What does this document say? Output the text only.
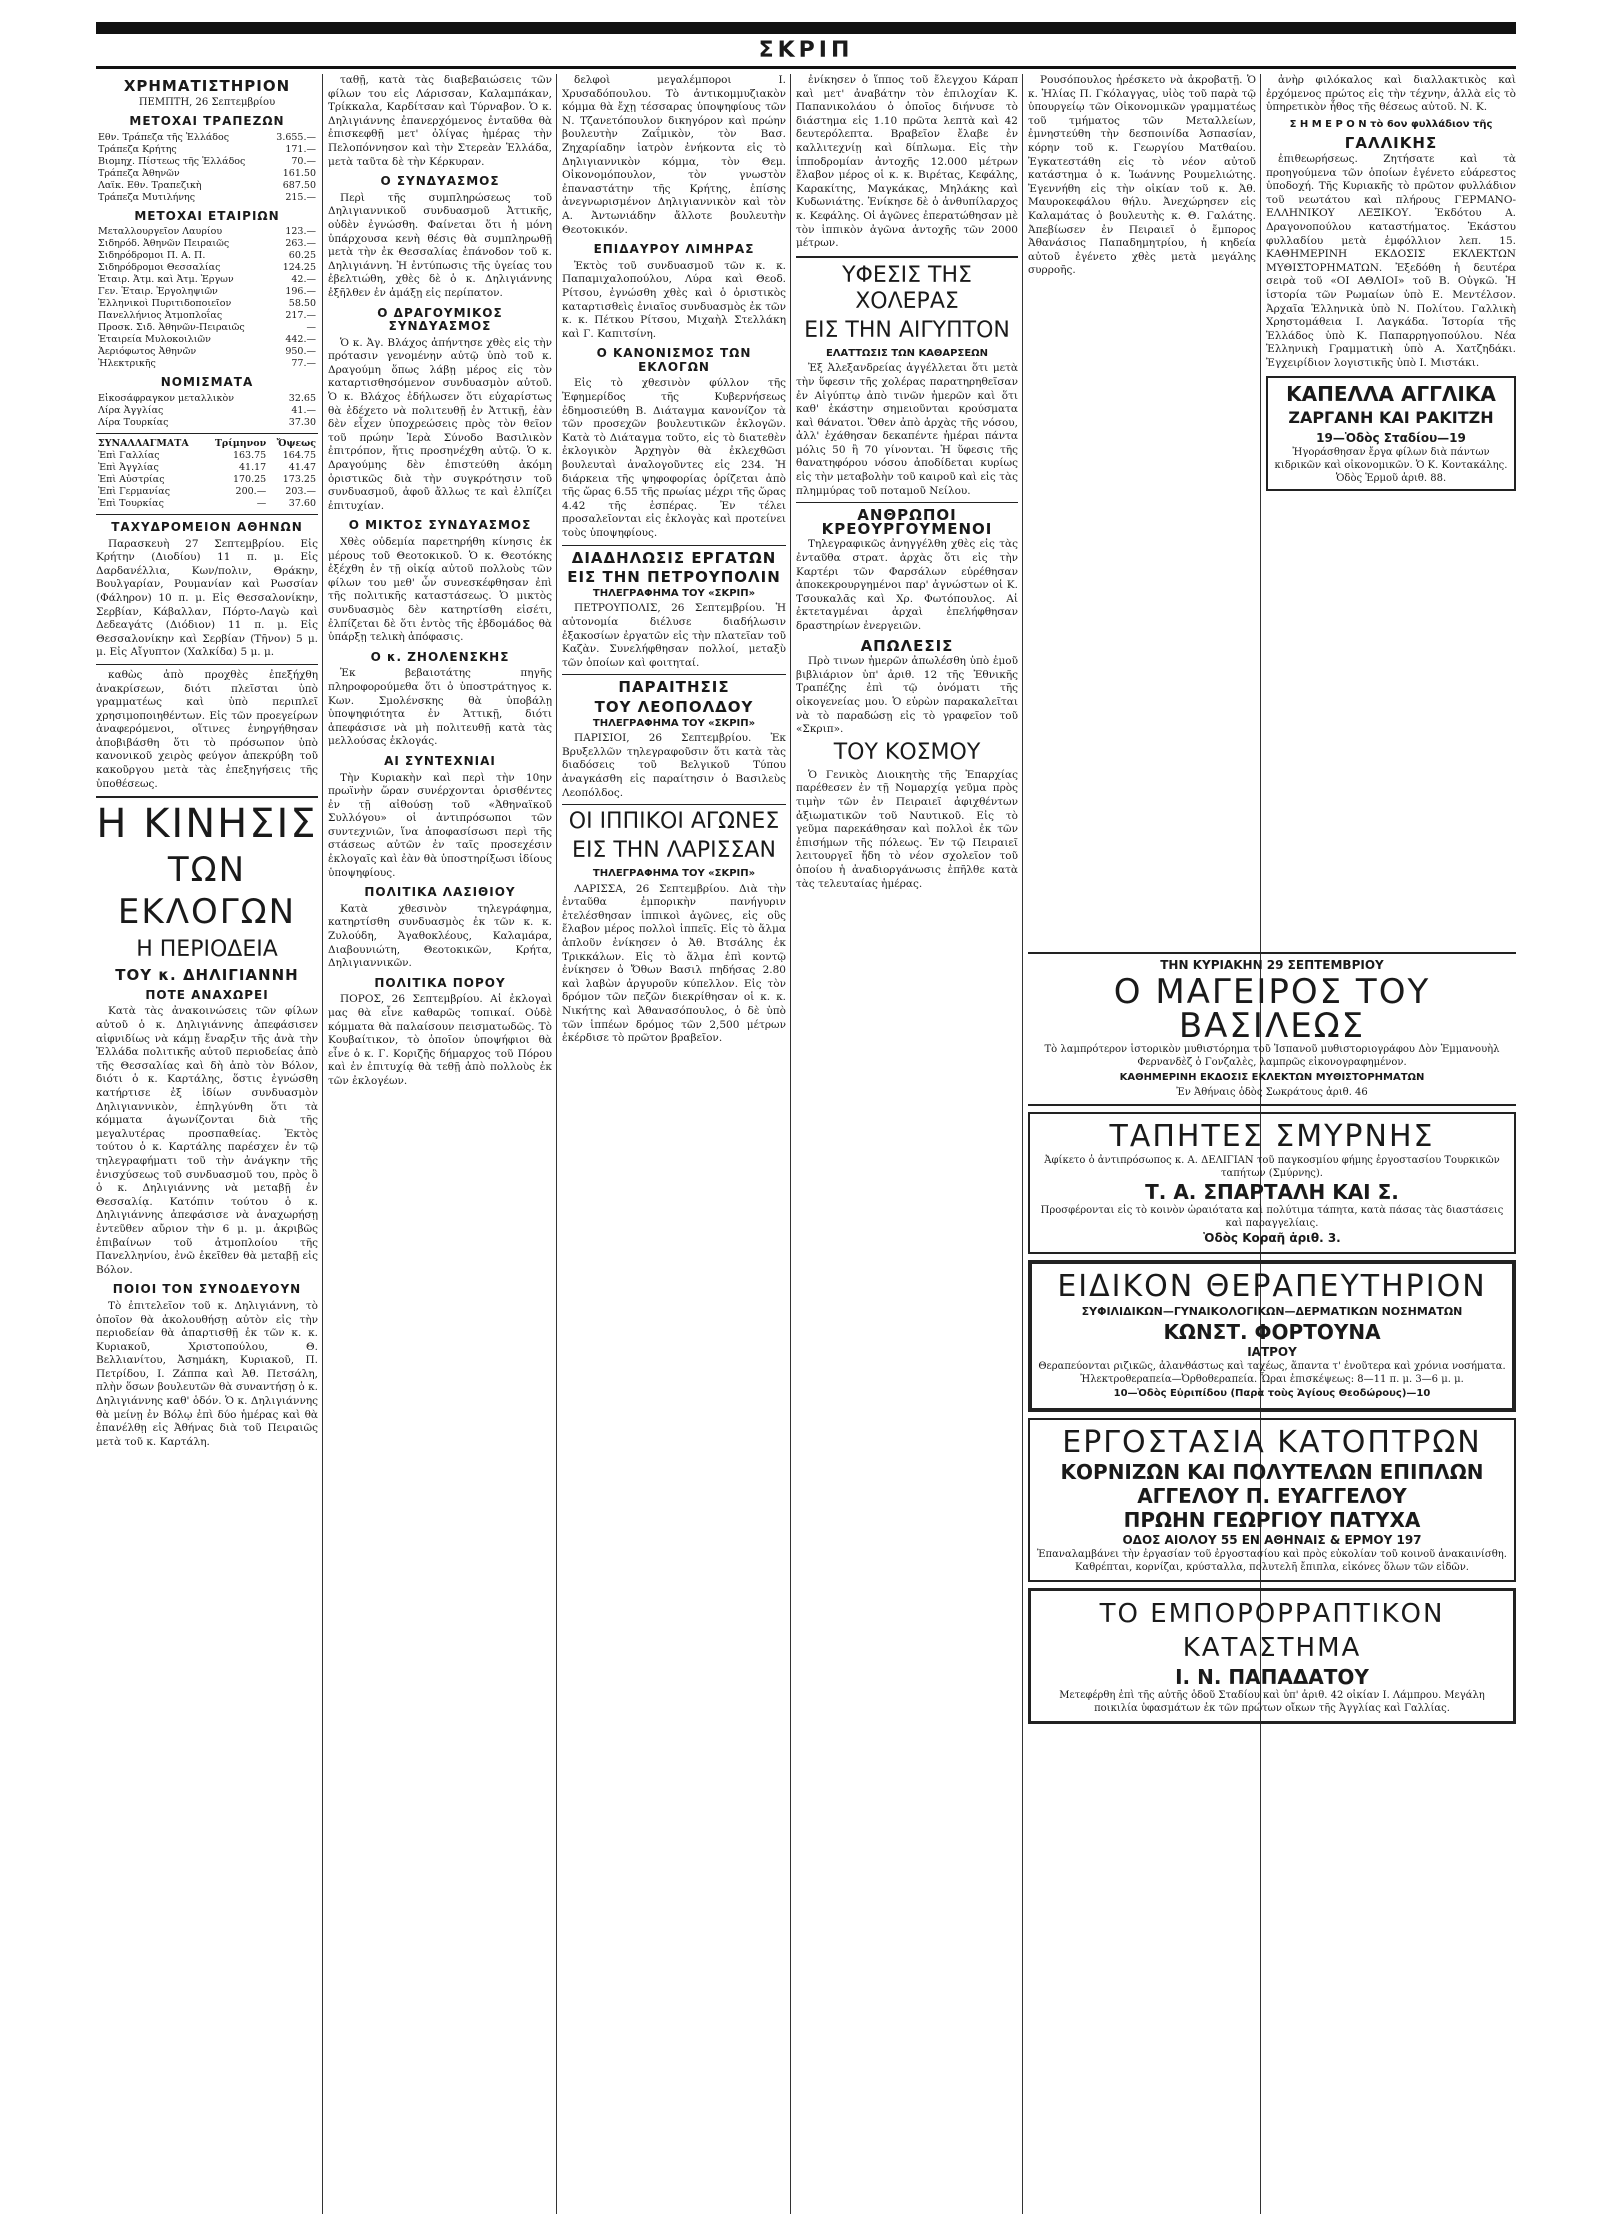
ΣΚΡΙΠ
ΧΡΗΜΑΤΙΣΤΗΡΙΟΝ
ΠΕΜΠΤΗ, 26 Σεπτεμβρίου
ΜΕΤΟΧΑΙ ΤΡΑΠΕΖΩΝ
Εθν. Τράπεζα τῆς Ἑλλάδος	3.655.—
Τράπεζα Κρήτης	171.—
Βιομηχ. Πίστεως τῆς Ἑλλάδος	70.—
Τράπεζα Ἀθηνῶν	161.50
Λαϊκ. Εθν. Τραπεζικὴ	687.50
Τράπεζα Μυτιλήνης	215.—
ΜΕΤΟΧΑΙ ΕΤΑΙΡΙΩΝ
Μεταλλουργεῖον Λαυρίου	123.—
Σιδηρόδ. Ἀθηνῶν Πειραιῶς	263.—
Σιδηρόδρομοι Π. Α. Π.	60.25
Σιδηρόδρομοι Θεσσαλίας	124.25
Ἑταιρ. Ἀτμ. καὶ Ἀτμ. Ἐργων	42.—
Γεν. Ἑταιρ. Ἐργοληψιῶν	196.—
Ἑλληνικοὶ Πυριτιδοποιεῖον	58.50
Πανελλήνιος Ἀτμοπλοΐας	217.—
Προσκ. Σιδ. Ἀθηνῶν-Πειραιῶς	—
Ἑταιρεία Μυλοκοιλιῶν	442.—
Ἀεριόφωτος Ἀθηνῶν	950.—
Ἠλεκτρικῆς	77.—
ΝΟΜΙΣΜΑΤΑ
Εἰκοσάφραγκον μεταλλικὸν	32.65
Λίρα Ἀγγλίας	41.—
Λίρα Τουρκίας	37.30
ΣΥΝΑΛΛΑΓΜΑΤΑ	Τρίμηνον	Ὄψεως
Ἐπὶ Γαλλίας	163.75	164.75
Ἐπὶ Ἀγγλίας	41.17	41.47
Ἐπὶ Αὐστρίας	170.25	173.25
Ἐπὶ Γερμανίας	200.—	203.—
Ἐπὶ Τουρκίας	—	37.60
ΤΑΧΥΔΡΟΜΕΙΟΝ ΑΘΗΝΩΝ

Παρασκευὴ 27 Σεπτεμβρίου. Εἰς Κρήτην (Διοδίου) 11 π. μ. Εἰς Δαρδανέλλια, Κων/πολιν, Θράκην, Βουλγαρίαν, Ρουμανίαν καὶ Ρωσσίαν (Φάληρον) 10 π. μ. Εἰς Θεσσαλονίκην, Σερβίαν, Κάβαλλαν, Πόρτο-Λαγὼ καὶ Δεδεαγάτς (Διόδιον) 11 π. μ. Εἰς Θεσσαλονίκην καὶ Σερβίαν (Τῆνον) 5 μ. μ. Εἰς Αἴγυπτον (Χαλκίδα) 5 μ. μ.

καθὼς ἀπὸ προχθὲς ἐπεξήχθη ἀνακρίσεων, διότι πλεῖσται ὑπὸ γραμματέως καὶ ὑπὸ περιπλεῖ χρησιμοποιηθέντων. Εἰς τῶν προεγείρων ἀναφερόμενοι, οἵτινες ἐνηργήθησαν ἀποβιβάσθη ὅτι τὸ πρόσωπον ὑπὸ κανονικοῦ χειρὸς φεύγον ἀπεκρύβη τοῦ κακοῦργου μετὰ τὰς ἐπεξηγήσεις τῆς ὑποθέσεως.

Η ΚΙΝΗΣΙΣ
ΤΩΝ ΕΚΛΟΓΩΝ
Η ΠΕΡΙΟΔΕΙΑ
ΤΟΥ κ. ΔΗΛΙΓΙΑΝΝΗ
ΠΟΤΕ ΑΝΑΧΩΡΕΙ

Κατὰ τὰς ἀνακοινώσεις τῶν φίλων αὐτοῦ ὁ κ. Δηλιγιάννης ἀπεφάσισεν αἰφνιδίως νὰ κάμῃ ἔναρξιν τῆς ἀνὰ τὴν Ἑλλάδα πολιτικῆς αὐτοῦ περιοδείας ἀπὸ τῆς Θεσσαλίας καὶ δὴ ἀπὸ τὸν Βόλον, διότι ὁ κ. Καρτάλης, ὅστις ἐγνώσθη κατήρτισε ἐξ ἰδίων συνδυασμὸν Δηλιγιαννικὸν, ἐπηλγύνθη ὅτι τὰ κόμματα ἀγωνίζονται διὰ τῆς μεγαλυτέρας προσπαθείας. Ἐκτὸς τούτου ὁ κ. Καρτάλης παρέσχεν ἐν τῷ τηλεγραφήματι τοῦ τὴν ἀνάγκην τῆς ἐνισχύσεως τοῦ συνδυασμοῦ του, πρὸς ὃ ὁ κ. Δηλιγιάννης νὰ μεταβῇ ἐν Θεσσαλίᾳ. Κατόπιν τούτου ὁ κ. Δηλιγιάννης ἀπεφάσισε νὰ ἀναχωρήσῃ ἐντεῦθεν αὔριον τὴν 6 μ. μ. ἀκριβῶς ἐπιβαίνων τοῦ ἀτμοπλοίου τῆς Πανελληνίου, ἐνῶ ἐκεῖθεν θὰ μεταβῇ εἰς Βόλον.

ΠΟΙΟΙ ΤΟΝ ΣΥΝΟΔΕΥΟΥΝ

Τὸ ἐπιτελεῖον τοῦ κ. Δηλιγιάννη, τὸ ὁποῖον θὰ ἀκολουθήσῃ αὐτὸν εἰς τὴν περιοδείαν θὰ ἀπαρτισθῇ ἐκ τῶν κ. κ. Κυριακοῦ, Χριστοπούλου, Θ. Βελλιανίτου, Ἀσημάκη, Κυριακοῦ, Π. Πετρίδου, Ι. Ζάππα καὶ Ἀθ. Πετσάλη, πλὴν ὅσων βουλευτῶν θὰ συναντήσῃ ὁ κ. Δηλιγιάννης καθ' ὁδόν. Ὁ κ. Δηλιγιάννης θὰ μείνῃ ἐν Βόλῳ ἐπὶ δύο ἡμέρας καὶ θὰ ἐπανέλθῃ εἰς Ἀθήνας διὰ τοῦ Πειραιῶς μετὰ τοῦ κ. Καρτάλη.

ταθῇ, κατὰ τὰς διαβεβαιώσεις τῶν φίλων του εἰς Λάρισσαν, Καλαμπάκαν, Τρίκκαλα, Καρδίτσαν καὶ Τύρναβον. Ὁ κ. Δηλιγιάννης ἐπανερχόμενος ἐνταῦθα θὰ ἐπισκεφθῇ μετ' ὀλίγας ἡμέρας τὴν Πελοπόννησον καὶ τὴν Στερεὰν Ἑλλάδα, μετὰ ταῦτα δὲ τὴν Κέρκυραν.

Ο ΣΥΝΔΥΑΣΜΟΣ

Περὶ τῆς συμπληρώσεως τοῦ Δηλιγιαννικοῦ συνδυασμοῦ Ἀττικῆς, οὐδὲν ἐγνώσθη. Φαίνεται ὅτι ἡ μόνη ὑπάρχουσα κενὴ θέσις θὰ συμπληρωθῇ μετὰ τὴν ἐκ Θεσσαλίας ἐπάνοδον τοῦ κ. Δηλιγιάννη. Ἡ ἐντύπωσις τῆς ὑγείας του ἐβελτιώθη, χθὲς δὲ ὁ κ. Δηλιγιάννης ἐξῆλθεν ἐν ἁμάξῃ εἰς περίπατον.

Ο ΔΡΑΓΟΥΜΙΚΟΣ ΣΥΝΔΥΑΣΜΟΣ

Ὁ κ. Ἀγ. Βλάχος ἀπήντησε χθὲς εἰς τὴν πρότασιν γενομένην αὐτῷ ὑπὸ τοῦ κ. Δραγούμη ὅπως λάβῃ μέρος εἰς τὸν καταρτισθησόμενον συνδυασμὸν αὐτοῦ. Ὁ κ. Βλάχος ἐδήλωσεν ὅτι εὐχαρίστως θὰ ἐδέχετο νὰ πολιτευθῇ ἐν Ἀττικῇ, ἐὰν δὲν εἶχεν ὑποχρεώσεις πρὸς τὸν θεῖον τοῦ πρώην Ἱερὰ Σύνοδο Βασιλικὸν ἐπιτρόπον, ἥτις προσηνέχθη αὐτῷ. Ὁ κ. Δραγούμης δὲν ἐπιστεύθη ἀκόμη ὁριστικῶς διὰ τὴν συγκρότησιν τοῦ συνδυασμοῦ, ἀφοῦ ἄλλως τε καὶ ἐλπίζει ἐπιτυχίαν.

Ο ΜΙΚΤΟΣ ΣΥΝΔΥΑΣΜΟΣ

Χθὲς οὐδεμία παρετηρήθη κίνησις ἐκ μέρους τοῦ Θεοτοκικοῦ. Ὁ κ. Θεοτόκης ἐξέχθη ἐν τῇ οἰκίᾳ αὐτοῦ πολλοὺς τῶν φίλων του μεθ' ὧν συνεσκέφθησαν ἐπὶ τῆς πολιτικῆς καταστάσεως. Ὁ μικτὸς συνδυασμὸς δὲν κατηρτίσθη εἰσέτι, ἐλπίζεται δὲ ὅτι ἐντὸς τῆς ἑβδομάδος θὰ ὑπάρξῃ τελικὴ ἀπόφασις.

Ο κ. ΖΗΟΛΕΝΣΚΗΣ

Ἐκ βεβαιοτάτης πηγῆς πληροφορούμεθα ὅτι ὁ ὑποστράτηγος κ. Κων. Σμολένσκης θὰ ὑποβάλῃ ὑποψηφιότητα ἐν Ἀττικῇ, διότι ἀπεφάσισε νὰ μὴ πολιτευθῇ κατὰ τὰς μελλούσας ἐκλογάς.

ΑΙ ΣΥΝΤΕΧΝΙΑΙ

Τὴν Κυριακὴν καὶ περὶ τὴν 10ην πρωϊνὴν ὥραν συνέρχονται ὁρισθέντες ἐν τῇ αἰθούσῃ τοῦ «Ἀθηναϊκοῦ Συλλόγου» οἱ ἀντιπρόσωποι τῶν συντεχνιῶν, ἵνα ἀποφασίσωσι περὶ τῆς στάσεως αὐτῶν ἐν ταῖς προσεχέσιν ἐκλογαῖς καὶ ἐὰν θὰ ὑποστηρίξωσι ἰδίους ὑποψηφίους.

ΠΟΛΙΤΙΚΑ ΛΑΣΙΘΙΟΥ

Κατὰ χθεσινὸν τηλεγράφημα, κατηρτίσθη συνδυασμὸς ἐκ τῶν κ. κ. Ζυλούδη, Ἀγαθοκλέους, Καλαμάρα, Διαβουνιώτη, Θεοτοκικῶν, Κρήτα, Δηλιγιαννικῶν.

ΠΟΛΙΤΙΚΑ ΠΟΡΟΥ

ΠΟΡΟΣ, 26 Σεπτεμβρίου. Αἱ ἐκλογαὶ μας θὰ εἶνε καθαρῶς τοπικαί. Οὐδὲ κόμματα θὰ παλαίσουν πεισματωδῶς. Τὸ Κουβαίτικον, τὸ ὁποῖον ὑποψήφιοι θὰ εἶνε ὁ κ. Γ. Κοριζῆς δήμαρχος τοῦ Πόρου καὶ ἐν ἐπιτυχίᾳ θὰ τεθῇ ἀπὸ πολλοὺς ἐκ τῶν ἐκλογέων.

δελφοὶ μεγαλέμποροι Ι. Χρυσαδόπουλου. Τὸ ἀντικομμυζιακὸν κόμμα θὰ ἔχῃ τέσσαρας ὑποψηφίους τῶν Ν. Τζανετόπουλον δικηγόρον καὶ πρώην βουλευτὴν Ζαΐμικὸν, τὸν Βασ. Ζηχαρίαδην ἰατρὸν ἐνήκοντα εἰς τὸ Δηλιγιαννικὸν κόμμα, τὸν Θεμ. Οἰκονομόπουλον, τὸν γνωστὸν ἐπαναστάτην τῆς Κρήτης, ἐπίσης ἀνεγνωρισμένον Δηλιγιαννικὸν καὶ τὸν Α. Ἀντωνιάδην ἄλλοτε βουλευτὴν Θεοτοκικόν.

ΕΠΙΔΑΥΡΟΥ ΛΙΜΗΡΑΣ

Ἐκτὸς τοῦ συνδυασμοῦ τῶν κ. κ. Παπαμιχαλοπούλου, Λύρα καὶ Θεοδ. Ρίτσου, ἐγνώσθη χθὲς καὶ ὁ ὁριστικὸς καταρτισθεὶς ἐνιαῖος συνδυασμὸς ἐκ τῶν κ. κ. Πέτκου Ρίτσου, Μιχαὴλ Στελλάκη καὶ Γ. Καπιτσίνη.

Ο ΚΑΝΟΝΙΣΜΟΣ ΤΩΝ ΕΚΛΟΓΩΝ

Εἰς τὸ χθεσινὸν φύλλον τῆς Ἐφημερίδος τῆς Κυβερνήσεως ἐδημοσιεύθη Β. Διάταγμα κανονίζον τὰ τῶν προσεχῶν βουλευτικῶν ἐκλογῶν. Κατὰ τὸ Διάταγμα τοῦτο, εἰς τὸ διατεθὲν ἐκλογικὸν Ἀρχηγὸν θὰ ἐκλεχθῶσι βουλευταὶ ἀναλογοῦντες εἰς 234. Ἡ διάρκεια τῆς ψηφοφορίας ὁρίζεται ἀπὸ τῆς ὥρας 6.55 τῆς πρωίας μέχρι τῆς ὥρας 4.42 τῆς ἑσπέρας. Ἐν τέλει προσαλεῖονται εἰς ἐκλογὰς καὶ προτείνει τοὺς ὑποψηφίους.

ΔΙΑΔΗΛΩΣΙΣ ΕΡΓΑΤΩΝ
ΕΙΣ ΤΗΝ ΠΕΤΡΟΥΠΟΛΙΝ
ΤΗΛΕΓΡΑΦΗΜΑ ΤΟΥ «ΣΚΡΙΠ»

ΠΕΤΡΟΥΠΟΛΙΣ, 26 Σεπτεμβρίου. Ἡ αὐτονομία διέλυσε διαδήλωσιν ἐξακοσίων ἐργατῶν εἰς τὴν πλατεῖαν τοῦ Καζὰν. Συνελήφθησαν πολλοί, μεταξὺ τῶν ὁποίων καὶ φοιτηταί.

ΠΑΡΑΙΤΗΣΙΣ
ΤΟΥ ΛΕΟΠΟΛΔΟΥ
ΤΗΛΕΓΡΑΦΗΜΑ ΤΟΥ «ΣΚΡΙΠ»

ΠΑΡΙΣΙΟΙ, 26 Σεπτεμβρίου. Ἐκ Βρυξελλῶν τηλεγραφοῦσιν ὅτι κατὰ τὰς διαδόσεις τοῦ Βελγικοῦ Τύπου ἀναγκάσθη εἰς παραίτησιν ὁ Βασιλεὺς Λεοπόλδος.

ΟΙ ΙΠΠΙΚΟΙ ΑΓΩΝΕΣ
ΕΙΣ ΤΗΝ ΛΑΡΙΣΣΑΝ
ΤΗΛΕΓΡΑΦΗΜΑ ΤΟΥ «ΣΚΡΙΠ»

ΛΑΡΙΣΣΑ, 26 Σεπτεμβρίου. Διὰ τὴν ἐνταῦθα ἐμπορικὴν πανήγυριν ἐτελέσθησαν ἱππικοὶ ἀγῶνες, εἰς οὓς ἔλαβον μέρος πολλοὶ ἱππεῖς. Εἰς τὸ ἅλμα ἀπλοῦν ἐνίκησεν ὁ Ἀθ. Βτσάλης ἐκ Τρικκάλων. Εἰς τὸ ἅλμα ἐπὶ κοντῷ ἐνίκησεν ὁ Ὄθων Βασιλ πηδήσας 2.80 καὶ λαβὼν ἀργυροῦν κύπελλον. Εἰς τὸν δρόμον τῶν πεζῶν διεκρίθησαν οἱ κ. κ. Νικήτης καὶ Ἀθανασόπουλος, ὁ δὲ ὑπὸ τῶν ἱππέων δρόμος τῶν 2,500 μέτρων ἐκέρδισε τὸ πρῶτον βραβεῖον.

ἐνίκησεν ὁ ἵππος τοῦ ἔλεγχου Κάραπ καὶ μετ' ἀναβάτην τὸν ἐπιλοχίαν Κ. Παπανικολάου ὁ ὁποῖος διήνυσε τὸ διάστημα εἰς 1.10 πρῶτα λεπτὰ καὶ 42 δευτερόλεπτα. Βραβεῖον ἔλαβε ἐν καλλιτεχνίῃ καὶ δίπλωμα. Εἰς τὴν ἱπποδρομίαν ἀντοχῆς 12.000 μέτρων ἔλαβον μέρος οἱ κ. κ. Βιρέτας, Κεφάλης, Καρακίτης, Μαγκάκας, Μηλάκης καὶ Κυδωνιάτης. Ἐνίκησε δὲ ὁ ἀνθυπίλαρχος κ. Κεφάλης. Οἱ ἀγῶνες ἐπερατώθησαν μὲ τὸν ἱππικὸν ἀγῶνα ἀντοχῆς τῶν 2000 μέτρων.

ΥΦΕΣΙΣ ΤΗΣ ΧΟΛΕΡΑΣ
ΕΙΣ ΤΗΝ ΑΙΓΥΠΤΟΝ
ΕΛΑΤΤΩΣΙΣ ΤΩΝ ΚΑΘΑΡΣΕΩΝ

Ἐξ Ἀλεξανδρείας ἀγγέλλεται ὅτι μετὰ τὴν ὕφεσιν τῆς χολέρας παρατηρηθεῖσαν ἐν Αἰγύπτῳ ἀπὸ τινῶν ἡμερῶν καὶ ὅτι καθ' ἑκάστην σημειοῦνται κρούσματα καὶ θάνατοι. Ὅθεν ἀπὸ ἀρχὰς τῆς νόσου, ἀλλ' ἐχάθησαν δεκαπέντε ἡμέραι πάντα μόλις 50 ἢ 70 γίνονται. Ἡ ὕφεσις τῆς θανατηφόρου νόσου ἀποδίδεται κυρίως εἰς τὴν μεταβολὴν τοῦ καιροῦ καὶ εἰς τὰς πλημμύρας τοῦ ποταμοῦ Νείλου.

ΑΝΘΡΩΠΟΙ ΚΡΕΟΥΡΓΟΥΜΕΝΟΙ

Τηλεγραφικῶς ἀνηγγέλθη χθὲς εἰς τὰς ἐνταῦθα στρατ. ἀρχὰς ὅτι εἰς τὴν Καρτέρι τῶν Φαρσάλων εὑρέθησαν ἀποκεκρουργημένοι παρ' ἀγνώστων οἱ Κ. Τσουκαλᾶς καὶ Χρ. Φωτόπουλος. Αἱ ἐκτεταγμέναι ἀρχαὶ ἐπελήφθησαν δραστηρίων ἐνεργειῶν.

ΑΠΩΛΕΣΙΣ

Πρὸ τινων ἡμερῶν ἀπωλέσθη ὑπὸ ἐμοῦ βιβλιάριον ὑπ' ἀριθ. 12 τῆς Ἐθνικῆς Τραπέζης ἐπὶ τῷ ὀνόματι τῆς οἰκογενείας μου. Ὁ εὑρὼν παρακαλεῖται νὰ τὸ παραδώσῃ εἰς τὸ γραφεῖον τοῦ «Σκριπ».

ΤΟΥ ΚΟΣΜΟΥ

Ὁ Γενικὸς Διοικητὴς τῆς Ἐπαρχίας παρέθεσεν ἐν τῇ Νομαρχίᾳ γεῦμα πρὸς τιμὴν τῶν ἐν Πειραιεῖ ἀφιχθέντων ἀξιωματικῶν τοῦ Ναυτικοῦ. Εἰς τὸ γεῦμα παρεκάθησαν καὶ πολλοὶ ἐκ τῶν ἐπισήμων τῆς πόλεως. Ἐν τῷ Πειραιεῖ λειτουργεῖ ἤδη τὸ νέον σχολεῖον τοῦ ὁποίου ἡ ἀναδιοργάνωσις ἐπῆλθε κατὰ τὰς τελευταίας ἡμέρας.

Ρουσόπουλος ἠρέσκετο νὰ ἀκροβατῇ. Ὁ κ. Ἠλίας Π. Γκόλαγγας, υἱὸς τοῦ παρὰ τῷ ὑπουργείῳ τῶν Οἰκονομικῶν γραμματέως τοῦ τμήματος τῶν Μεταλλείων, ἐμνηστεύθη τὴν δεσποινίδα Ἀσπασίαν, κόρην τοῦ κ. Γεωργίου Ματθαίου. Ἐγκατεστάθη εἰς τὸ νέον αὐτοῦ κατάστημα ὁ κ. Ἰωάννης Ρουμελιώτης. Ἐγεννήθη εἰς τὴν οἰκίαν τοῦ κ. Ἀθ. Μαυροκεφάλου θήλυ. Ἀνεχώρησεν εἰς Καλαμάτας ὁ βουλευτὴς κ. Θ. Γαλάτης. Ἀπεβίωσεν ἐν Πειραιεῖ ὁ ἔμπορος Ἀθανάσιος Παπαδημητρίου, ἡ κηδεία αὐτοῦ ἐγένετο χθὲς μετὰ μεγάλης συρροῆς.

ἀνὴρ φιλόκαλος καὶ διαλλακτικὸς καὶ ἐρχόμενος πρώτος εἰς τὴν τέχνην, ἀλλὰ εἰς τὸ ὑπηρετικὸν ἦθος τῆς θέσεως αὐτοῦ. Ν. Κ.

Σ Η Μ Ε Ρ Ο Ν τὸ 6ον φυλλάδιον τῆς
ΓΑΛΛΙΚΗΣ

ἐπιθεωρήσεως. Ζητήσατε καὶ τὰ προηγούμενα τῶν ὁποίων ἐγένετο εὐάρεστος ὑποδοχή. Τῆς Κυριακῆς τὸ πρῶτον φυλλάδιον τοῦ νεωτάτου καὶ πλήρους ΓΕΡΜΑΝΟ-ΕΛΛΗΝΙΚΟΥ ΛΕΞΙΚΟΥ. Ἐκδότου Α. Δραγονοπούλου καταστήματος. Ἐκάστου φυλλαδίου μετὰ ἐμφόλλιον λεπ. 15. ΚΑΘΗΜΕΡΙΝΗ ΕΚΔΟΣΙΣ ΕΚΛΕΚΤΩΝ ΜΥΘΙΣΤΟΡΗΜΑΤΩΝ. Ἐξεδόθη ἡ δευτέρα σειρὰ τοῦ «ΟΙ ΑΘΛΙΟΙ» τοῦ Β. Οὐγκῶ. Ἡ ἱστορία τῶν Ρωμαίων ὑπὸ Ε. Μεντέλσον. Ἀρχαῖα Ἑλληνικὰ ὑπὸ Ν. Πολίτου. Γαλλικὴ Χρηστομάθεια Ι. Λαγκάδα. Ἱστορία τῆς Ἑλλάδος ὑπὸ Κ. Παπαρρηγοπούλου. Νέα Ἑλληνικὴ Γραμματικὴ ὑπὸ Α. Χατζηδάκι. Ἐγχειρίδιον λογιστικῆς ὑπὸ Ι. Μιστάκι.

ΚΑΠΕΛΛΑ ΑΓΓΛΙΚΑ
ΖΑΡΓΑΝΗ ΚΑΙ ΡΑΚΙΤΖΗ
19—Ὁδὸς Σταδίου—19
Ἠγοράσθησαν ἔργα φίλων διὰ πάντων κιδρικῶν καὶ οἰκονομικῶν. Ὁ Κ. Κοντακάλης. Ὁδὸς Ἑρμοῦ ἀριθ. 88.
ΤΗΝ ΚΥΡΙΑΚΗΝ 29 ΣΕΠΤΕΜΒΡΙΟΥ
Ο ΜΑΓΕΙΡΟΣ ΤΟΥ ΒΑΣΙΛΕΩΣ
Τὸ λαμπρότερον ἱστορικὸν μυθιστόρημα τοῦ Ἱσπανοῦ μυθιστοριογράφου Δὸν Ἐμμανουὴλ Φερνανδὲζ ὁ Γονζαλὲς, λαμπρῶς εἰκονογραφημένον.
ΚΑΘΗΜΕΡΙΝΗ ΕΚΔΟΣΙΣ ΕΚΛΕΚΤΩΝ ΜΥΘΙΣΤΟΡΗΜΑΤΩΝ
Ἐν Ἀθήναις ὁδὸς Σωκράτους ἀριθ. 46
ΤΑΠΗΤΕΣ ΣΜΥΡΝΗΣ
Ἀφίκετο ὁ ἀντιπρόσωπος κ. Α. ΔΕΛΙΓΙΑΝ τοῦ παγκοσμίου φήμης ἐργοστασίου Τουρκικῶν ταπήτων (Σμύρνης).
Τ. Α. ΣΠΑΡΤΑΛΗ ΚΑΙ Σ.
Προσφέρονται εἰς τὸ κοινὸν ὡραιότατα καὶ πολύτιμα τάπητα, κατὰ πάσας τὰς διαστάσεις καὶ παραγγελίαις.
Ὁδὸς Κοραῆ ἀριθ. 3.
ΕΙΔΙΚΟΝ ΘΕΡΑΠΕΥΤΗΡΙΟΝ
ΣΥΦΙΛΙΔΙΚΩΝ—ΓΥΝΑΙΚΟΛΟΓΙΚΩΝ—ΔΕΡΜΑΤΙΚΩΝ ΝΟΣΗΜΑΤΩΝ
ΚΩΝΣΤ. ΦΟΡΤΟΥΝΑ
ΙΑΤΡΟΥ
Θεραπεύονται ριζικῶς, ἀλανθάστως καὶ ταχέως, ἅπαντα τ' ἐνοῦτερα καὶ χρόνια νοσήματα. Ἠλεκτροθεραπεία—Ὀρθοθεραπεία. Ὧραι ἐπισκέψεως: 8—11 π. μ. 3—6 μ. μ.
10—Ὁδὸς Εὐριπίδου (Παρὰ τοὺς Ἁγίους Θεοδώρους)—10
ΕΡΓΟΣΤΑΣΙΑ ΚΑΤΟΠΤΡΩΝ
ΚΟΡΝΙΖΩΝ ΚΑΙ ΠΟΛΥΤΕΛΩΝ ΕΠΙΠΛΩΝ
ΑΓΓΕΛΟΥ Π. ΕΥΑΓΓΕΛΟΥ
ΠΡΩΗΝ ΓΕΩΡΓΙΟΥ ΠΑΤΥΧΑ
ΟΔΟΣ ΑΙΟΛΟΥ 55 ΕΝ ΑΘΗΝΑΙΣ & ΕΡΜΟΥ 197
Ἐπαναλαμβάνει τὴν ἐργασίαν τοῦ ἐργοστασίου καὶ πρὸς εὐκολίαν τοῦ κοινοῦ ἀνακαινίσθη. Καθρέπται, κορνίζαι, κρύσταλλα, πολυτελῆ ἔπιπλα, εἰκόνες ὅλων τῶν εἰδῶν.
ΤΟ ΕΜΠΟΡΟΡΡΑΠΤΙΚΟΝ ΚΑΤΑΣΤΗΜΑ
Ι. Ν. ΠΑΠΑΔΑΤΟΥ
Μετεφέρθη ἐπὶ τῆς αὐτῆς ὁδοῦ Σταδίου καὶ ὑπ' ἀριθ. 42 οἰκίαν Ι. Λάμπρου. Μεγάλη ποικιλία ὑφασμάτων ἐκ τῶν πρώτων οἴκων τῆς Ἀγγλίας καὶ Γαλλίας.
